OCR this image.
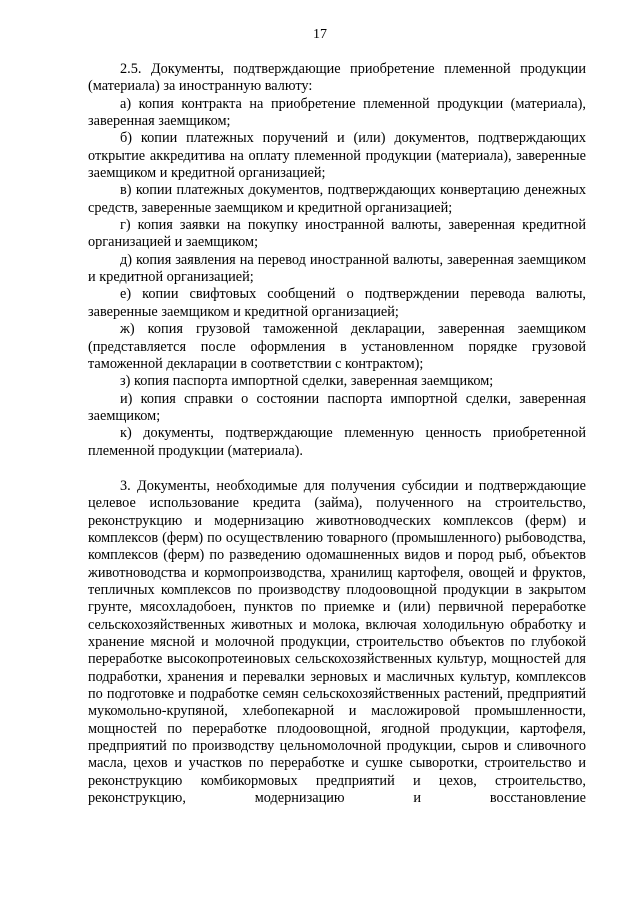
17

2.5. Документы, подтверждающие приобретение племенной продукции (материала) за иностранную валюту:

а) копия контракта на приобретение племенной продукции (материала), заверенная заемщиком;

б) копии платежных поручений и (или) документов, подтверждающих открытие аккредитива на оплату племенной продукции (материала), заверенные заемщиком и кредитной организацией;

в) копии платежных документов, подтверждающих конвертацию денежных средств, заверенные заемщиком и кредитной организацией;

г) копия заявки на покупку иностранной валюты, заверенная кредитной организацией и заемщиком;

д) копия заявления на перевод иностранной валюты, заверенная заемщиком и кредитной организацией;

е) копии свифтовых сообщений о подтверждении перевода валюты, заверенные заемщиком и кредитной организацией;

ж) копия грузовой таможенной декларации, заверенная заемщиком (представляется после оформления в установленном порядке грузовой таможенной декларации в соответствии с контрактом);

з) копия паспорта импортной сделки, заверенная заемщиком;

и) копия справки о состоянии паспорта импортной сделки, заверенная заемщиком;

к) документы, подтверждающие племенную ценность приобретенной племенной продукции (материала).

3. Документы, необходимые для получения субсидии и подтверждающие целевое использование кредита (займа), полученного на строительство, реконструкцию и модернизацию животноводческих комплексов (ферм) и комплексов (ферм) по осуществлению товарного (промышленного) рыбоводства, комплексов (ферм) по разведению одомашненных видов и пород рыб, объектов животноводства и кормопроизводства, хранилищ картофеля, овощей и фруктов, тепличных комплексов по производству плодоовощной продукции в закрытом грунте, мясохладобоен, пунктов по приемке и (или) первичной переработке сельскохозяйственных животных и молока, включая холодильную обработку и хранение мясной и молочной продукции, строительство объектов по глубокой переработке высокопротеиновых сельскохозяйственных культур, мощностей для подработки, хранения и перевалки зерновых и масличных культур, комплексов по подготовке и подработке семян сельскохозяйственных растений, предприятий мукомольно-крупяной, хлебопекарной и масложировой промышленности, мощностей по переработке плодоовощной, ягодной продукции, картофеля, предприятий по производству цельномолочной продукции, сыров и сливочного масла, цехов и участков по переработке и сушке сыворотки, строительство и реконструкцию комбикормовых предприятий и цехов, строительство, реконструкцию, модернизацию и восстановление
